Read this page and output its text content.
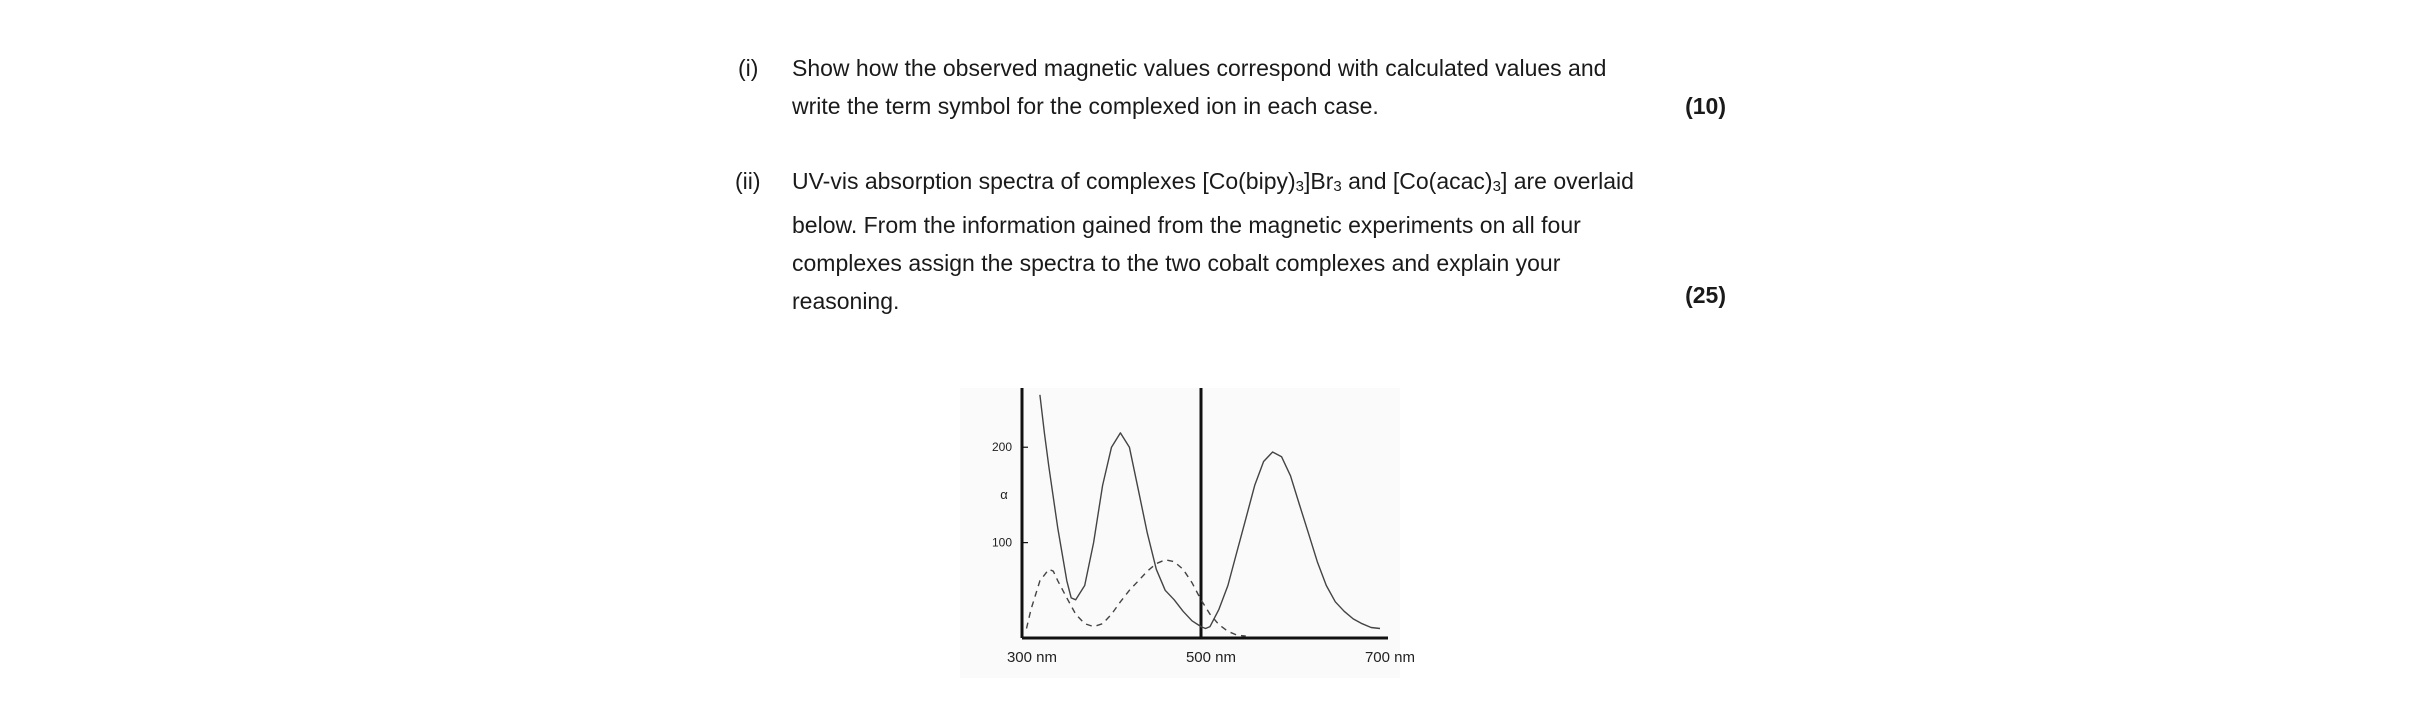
(i) Show how the observed magnetic values correspond with calculated values and
write the term symbol for the complexed ion in each case.	(10)
(ii) UV-vis absorption spectra of complexes [Co(bipy)3]Br3 and [Co(acac)3] are overlaid
below. From the information gained from the magnetic experiments on all four
complexes assign the spectra to the two cobalt complexes and explain your
reasoning.	(25)
200
100
α
300 nm	500 nm	700 nm
